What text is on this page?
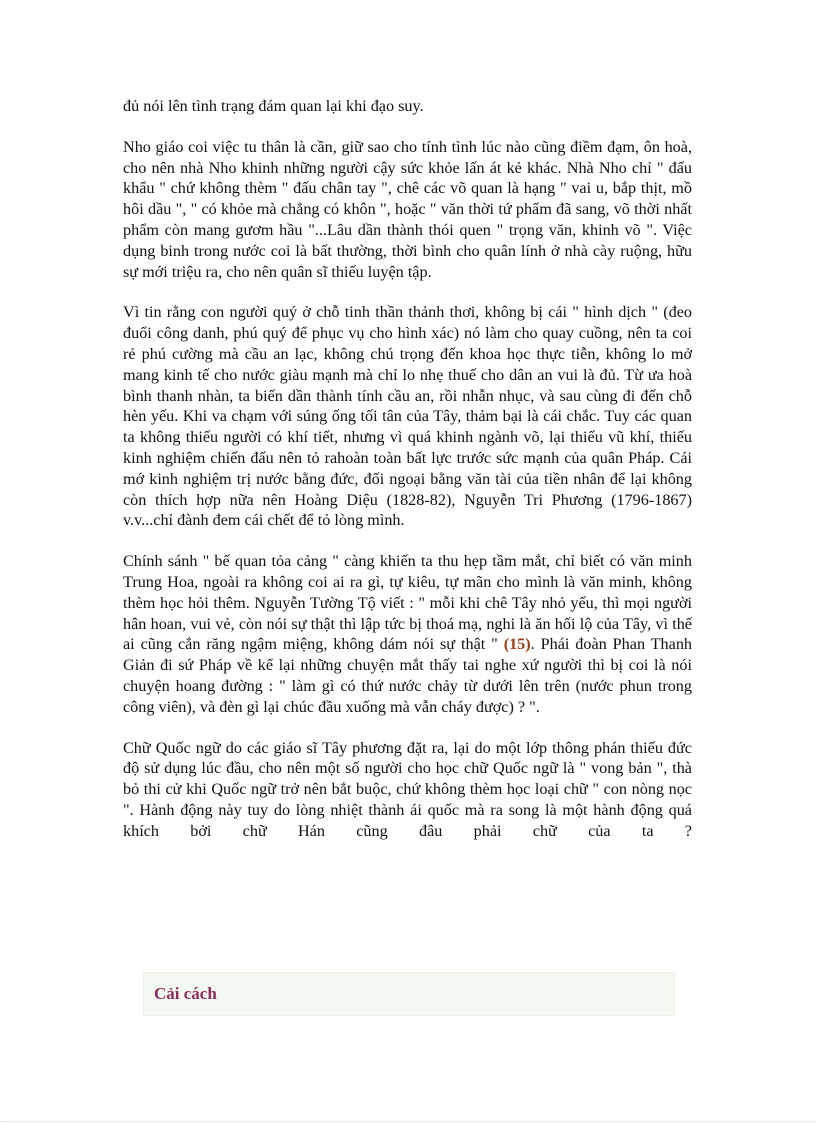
đủ nói lên tình trạng đám quan lại khi đạo suy.

Nho giáo coi việc tu thân là cần, giữ sao cho tính tình lúc nào cũng điềm đạm, ôn hoà, cho nên nhà Nho khinh những người cậy sức khỏe lấn át kẻ khác. Nhà Nho chỉ " đấu khẩu " chứ không thèm " đấu chân tay ", chê các võ quan là hạng " vai u, bắp thịt, mồ hôi dầu ", " có khỏe mà chẳng có khôn ", hoặc " văn thời tứ phẩm đã sang, võ thời nhất phẩm còn mang gươm hầu "...Lâu dần thành thói quen " trọng văn, khinh võ ". Việc dụng binh trong nước coi là bất thường, thời bình cho quân lính ở nhà cày ruộng, hữu sự mới triệu ra, cho nên quân sĩ thiếu luyện tập.

Vì tin rằng con người quý ở chỗ tinh thần thảnh thơi, không bị cái " hình dịch " (đeo đuổi công danh, phú quý để phục vụ cho hình xác) nó làm cho quay cuồng, nên ta coi rẻ phú cường mà cầu an lạc, không chú trọng đến khoa học thực tiễn, không lo mở mang kinh tế cho nước giàu mạnh mà chỉ lo nhẹ thuế cho dân an vui là đủ. Từ ưa hoà bình thanh nhàn, ta biến dần thành tính cầu an, rồi nhẫn nhục, và sau cùng đi đến chỗ hèn yếu. Khi va chạm với súng ống tối tân của Tây, thảm bại là cái chắc. Tuy các quan ta không thiếu người có khí tiết, nhưng vì quá khinh ngành võ, lại thiếu vũ khí, thiếu kinh nghiệm chiến đấu nên tỏ rahoàn toàn bất lực trước sức mạnh của quân Pháp. Cái mớ kinh nghiệm trị nước bằng đức, đối ngoại bằng văn tài của tiền nhân để lại không còn thích hợp nữa nên Hoàng Diệu (1828-82), Nguyễn Tri Phương (1796-1867) v.v...chỉ đành đem cái chết để tỏ lòng mình.

Chính sánh " bế quan tỏa cảng " càng khiến ta thu hẹp tầm mắt, chỉ biết có văn minh Trung Hoa, ngoài ra không coi ai ra gì, tự kiêu, tự mãn cho mình là văn minh, không thèm học hỏi thêm. Nguyễn Tường Tộ viết : " mỗi khi chê Tây nhỏ yếu, thì mọi người hân hoan, vui vẻ, còn nói sự thật thì lập tức bị thoá mạ, nghi là ăn hối lộ của Tây, vì thế ai cũng cắn răng ngậm miệng, không dám nói sự thật " (15). Phái đoàn Phan Thanh Giản đi sứ Pháp về kể lại những chuyện mắt thấy tai nghe xứ người thì bị coi là nói chuyện hoang đường : " làm gì có thứ nước chảy từ dưới lên trên (nước phun trong công viên), và đèn gì lại chúc đầu xuống mà vẫn cháy được) ? ".

Chữ Quốc ngữ do các giáo sĩ Tây phương đặt ra, lại do một lớp thông phán thiếu đức độ sử dụng lúc đầu, cho nên một số người cho học chữ Quốc ngữ là " vong bản ", thà bỏ thi cử khi Quốc ngữ trở nên bắt buộc, chứ không thèm học loại chữ " con nòng nọc ". Hành động này tuy do lòng nhiệt thành ái quốc mà ra song là một hành động quá khích bởi chữ Hán cũng đâu phải chữ của ta ?

Cải cách
